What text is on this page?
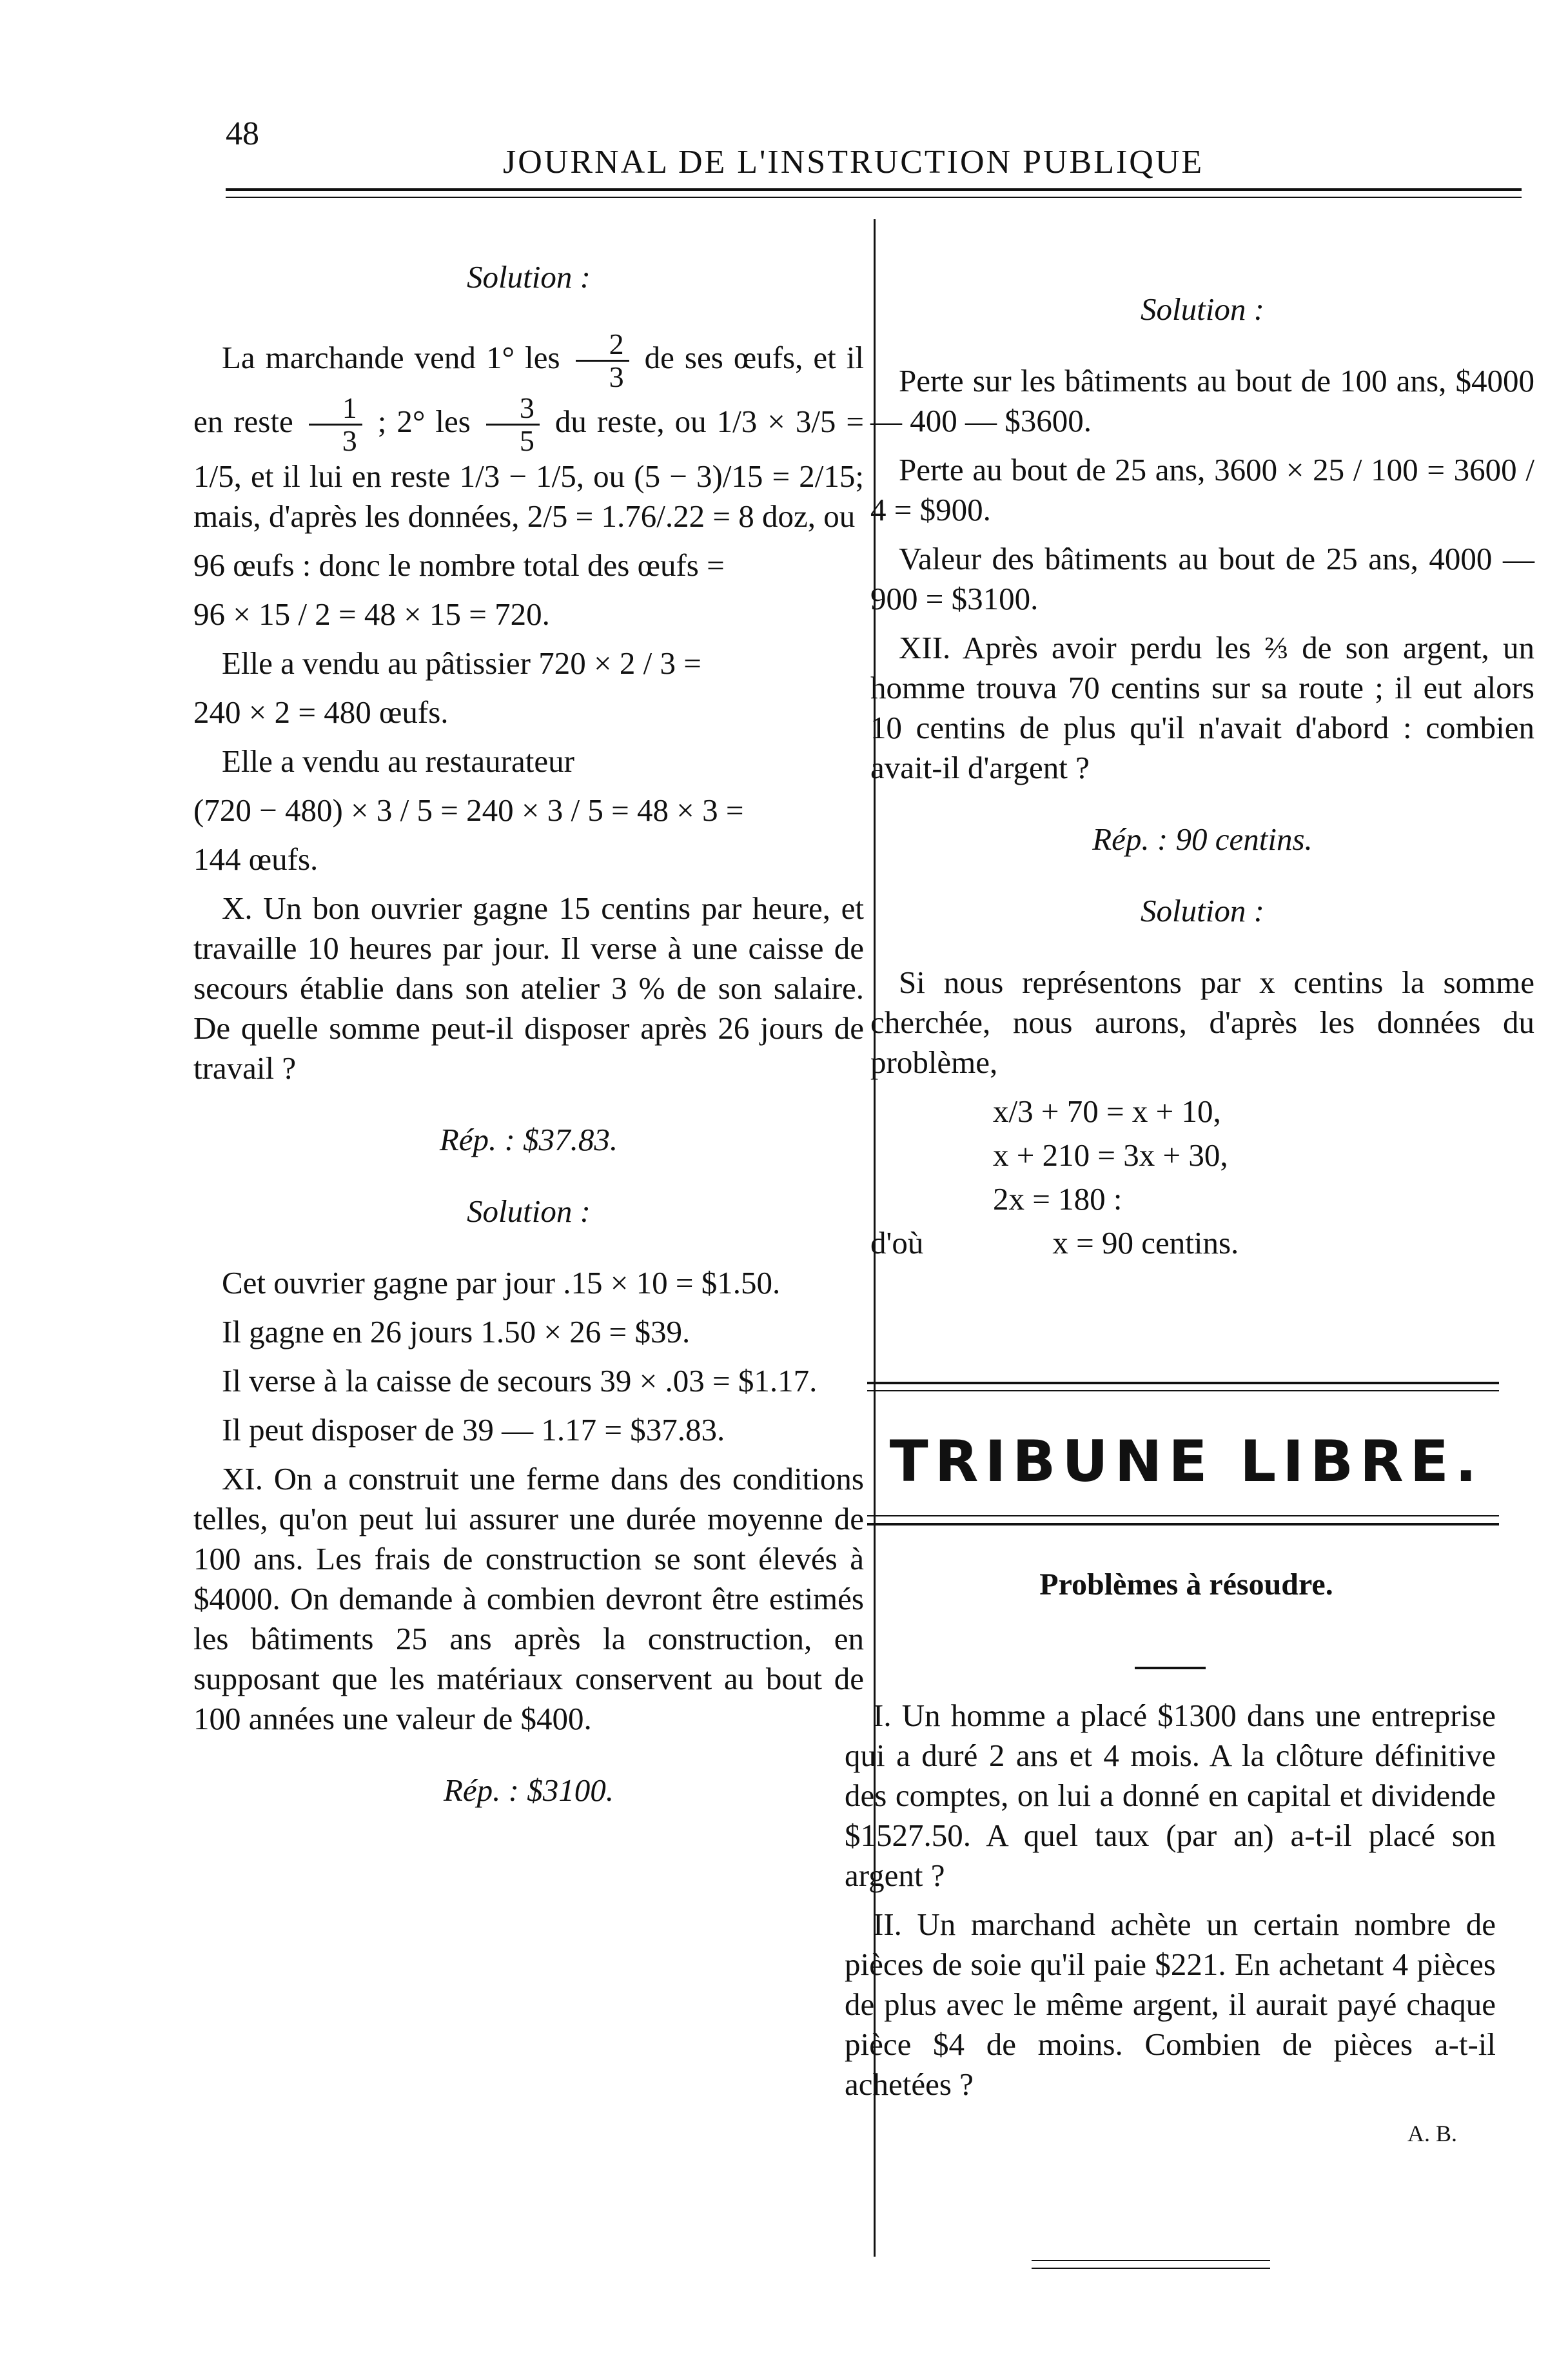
48
JOURNAL DE L'INSTRUCTION PUBLIQUE

Solution :

La marchande vend 1° les $\frac{2}{3}$ de ses œufs, et il en reste $\frac{1}{3}$ ; 2° les $\frac{3}{5}$ du reste, ou 1/3 × 3/5 = 1/5, et il lui en reste 1/3 − 1/5, ou (5 − 3)/15 = 2/15; mais, d'après les données, 2/5 = 1.76/.22 = 8 doz, ou

96 œufs : donc le nombre total des œufs =

96 × 15 / 2 = 48 × 15 = 720.

Elle a vendu au pâtissier 720 × 2 / 3 =

240 × 2 = 480 œufs.

Elle a vendu au restaurateur

(720 − 480) × 3 / 5 = 240 × 3 / 5 = 48 × 3 =

144 œufs.

X. Un bon ouvrier gagne 15 centins par heure, et travaille 10 heures par jour. Il verse à une caisse de secours établie dans son atelier 3 % de son salaire. De quelle somme peut-il disposer après 26 jours de travail ?

Rép. : $37.83.

Solution :

Cet ouvrier gagne par jour .15 × 10 = $1.50.

Il gagne en 26 jours 1.50 × 26 = $39.

Il verse à la caisse de secours 39 × .03 = $1.17.

Il peut disposer de 39 — 1.17 = $37.83.

XI. On a construit une ferme dans des conditions telles, qu'on peut lui assurer une durée moyenne de 100 ans. Les frais de construction se sont élevés à $4000. On demande à combien devront être estimés les bâtiments 25 ans après la construction, en supposant que les matériaux conservent au bout de 100 années une valeur de $400.

Rép. : $3100.

Solution :

Perte sur les bâtiments au bout de 100 ans, $4000 — 400 — $3600.

Perte au bout de 25 ans, 3600 × 25 / 100 = 3600 / 4 = $900.

Valeur des bâtiments au bout de 25 ans, 4000 — 900 = $3100.

XII. Après avoir perdu les ⅔ de son argent, un homme trouva 70 centins sur sa route ; il eut alors 10 centins de plus qu'il n'avait d'abord : combien avait-il d'argent ?

Rép. : 90 centins.

Solution :

Si nous représentons par x centins la somme cherchée, nous aurons, d'après les données du problème,

x/3 + 70 = x + 10,
x + 210 = 3x + 30,
2x = 180 :
d'où	x = 90 centins.
TRIBUNE LIBRE.
Problèmes à résoudre.

I. Un homme a placé $1300 dans une entreprise qui a duré 2 ans et 4 mois. A la clôture définitive des comptes, on lui a donné en capital et dividende $1527.50. A quel taux (par an) a-t-il placé son argent ?

II. Un marchand achète un certain nombre de pièces de soie qu'il paie $221. En achetant 4 pièces de plus avec le même argent, il aurait payé chaque pièce $4 de moins. Combien de pièces a-t-il achetées ?

A. B.
